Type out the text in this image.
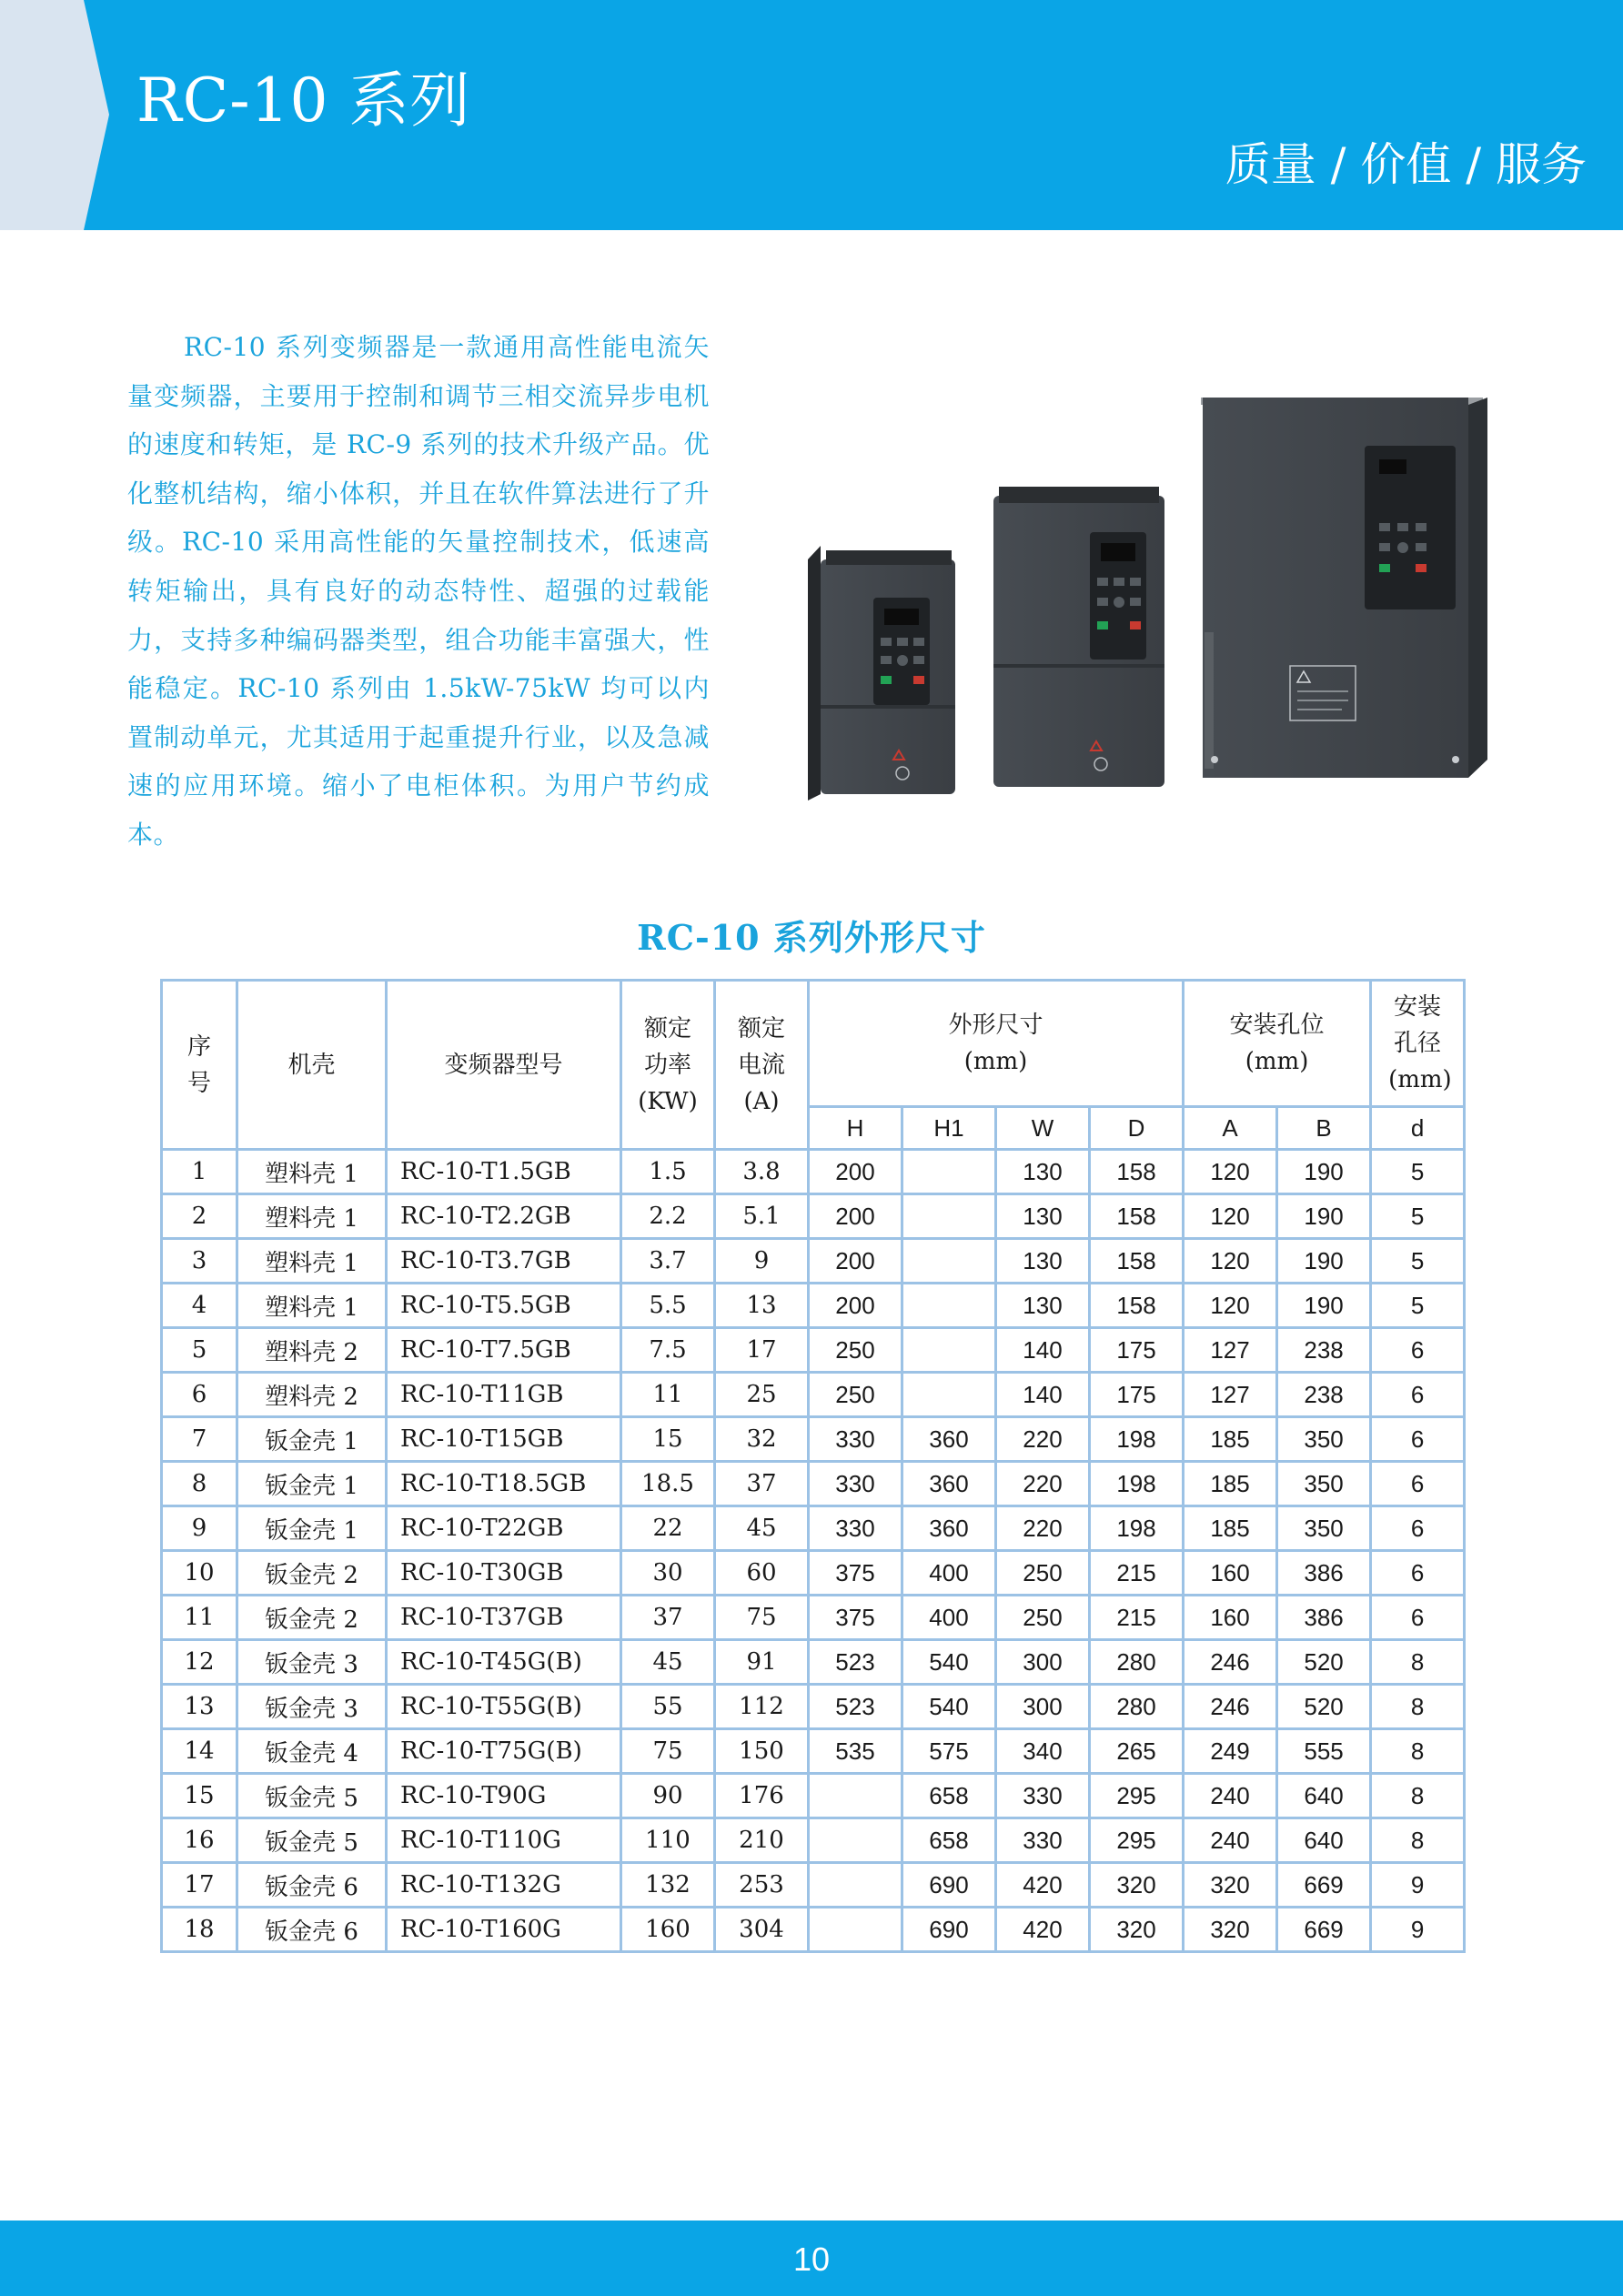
RC-10 系列
质量 / 价值 / 服务
RC-10 系列变频器是一款通用高性能电流矢量变频器，主要用于控制和调节三相交流异步电机的速度和转矩，是 RC-9 系列的技术升级产品。优化整机结构，缩小体积，并且在软件算法进行了升级。RC-10 采用高性能的矢量控制技术，低速高转矩输出，具有良好的动态特性、超强的过载能力，支持多种编码器类型，组合功能丰富强大，性能稳定。RC-10 系列由 1.5kW-75kW 均可以内置制动单元，尤其适用于起重提升行业，以及急减速的应用环境。缩小了电柜体积。为用户节约成本。
RC-10 系列外形尺寸
序号	机壳	变频器型号	额定功率(KW)	额定电流(A)	外形尺寸(mm)				安装孔位(mm)		安装孔径(mm)
					H	H1	W	D	A	B	d
1	塑料壳 1	RC-10-T1.5GB	1.5	3.8	200		130	158	120	190	5
2	塑料壳 1	RC-10-T2.2GB	2.2	5.1	200		130	158	120	190	5
3	塑料壳 1	RC-10-T3.7GB	3.7	9	200		130	158	120	190	5
4	塑料壳 1	RC-10-T5.5GB	5.5	13	200		130	158	120	190	5
5	塑料壳 2	RC-10-T7.5GB	7.5	17	250		140	175	127	238	6
6	塑料壳 2	RC-10-T11GB	11	25	250		140	175	127	238	6
7	钣金壳 1	RC-10-T15GB	15	32	330	360	220	198	185	350	6
8	钣金壳 1	RC-10-T18.5GB	18.5	37	330	360	220	198	185	350	6
9	钣金壳 1	RC-10-T22GB	22	45	330	360	220	198	185	350	6
10	钣金壳 2	RC-10-T30GB	30	60	375	400	250	215	160	386	6
11	钣金壳 2	RC-10-T37GB	37	75	375	400	250	215	160	386	6
12	钣金壳 3	RC-10-T45G(B)	45	91	523	540	300	280	246	520	8
13	钣金壳 3	RC-10-T55G(B)	55	112	523	540	300	280	246	520	8
14	钣金壳 4	RC-10-T75G(B)	75	150	535	575	340	265	249	555	8
15	钣金壳 5	RC-10-T90G	90	176		658	330	295	240	640	8
16	钣金壳 5	RC-10-T110G	110	210		658	330	295	240	640	8
17	钣金壳 6	RC-10-T132G	132	253		690	420	320	320	669	9
18	钣金壳 6	RC-10-T160G	160	304		690	420	320	320	669	9
10
